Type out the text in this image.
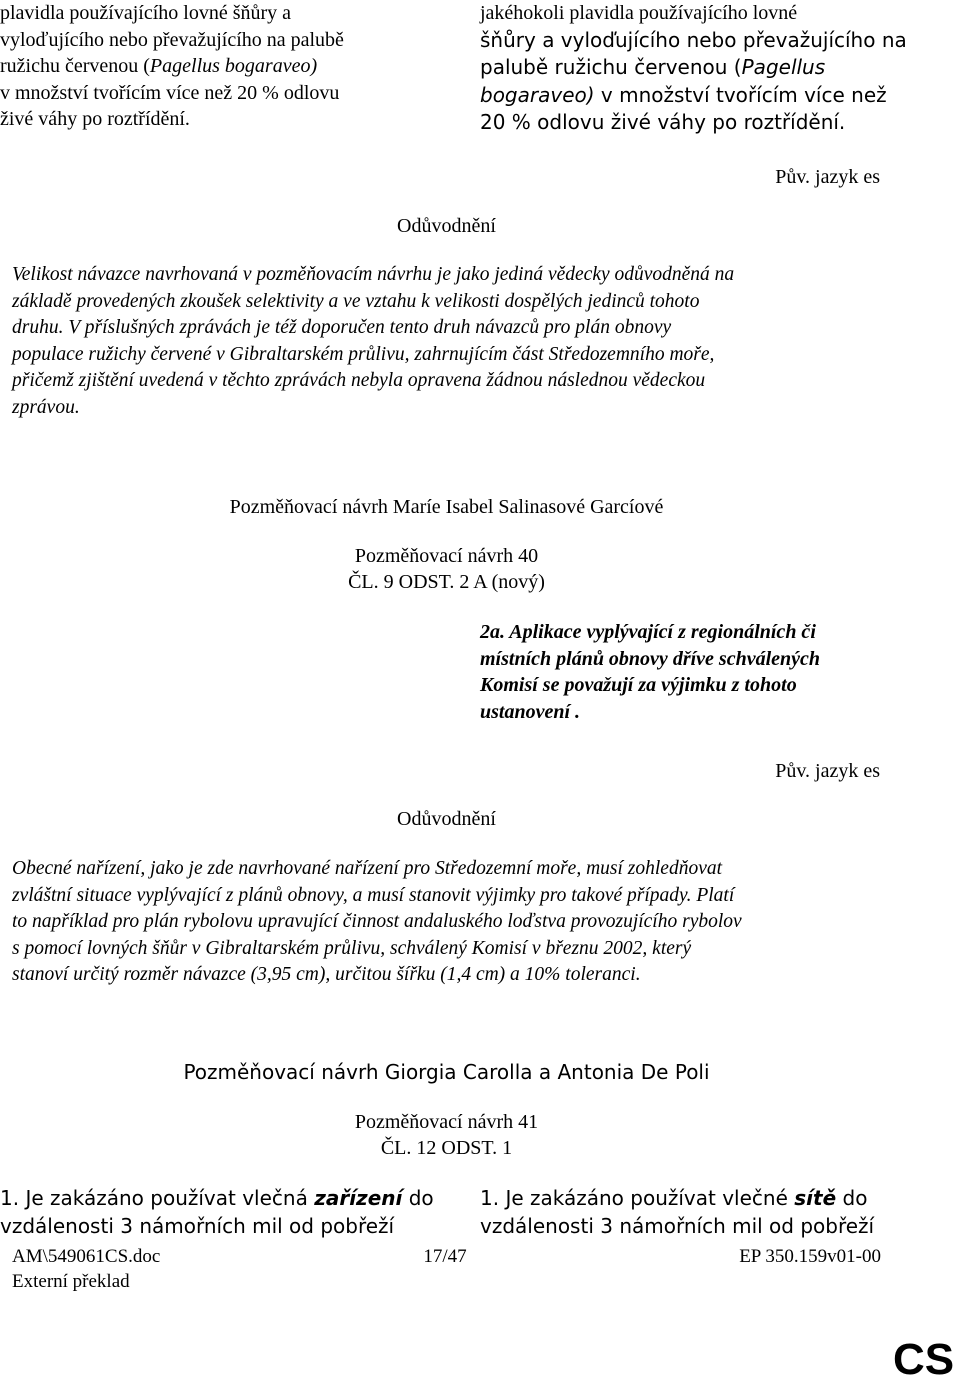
plavidla používajícího lovné šňůry a
vyloďujícího nebo převažujícího na palubě
ružichu červenou (Pagellus bogaraveo)
v množství tvořícím více než 20 % odlovu
živé váhy po roztřídění.
jakéhokoli plavidla používajícího lovné
šňůry a vyloďujícího nebo převažujícího na
palubě ružichu červenou (Pagellus
bogaraveo) v množství tvořícím více než
20 % odlovu živé váhy po roztřídění.
Pův. jazyk es
Odůvodnění
Velikost návazce navrhovaná v pozměňovacím návrhu je jako jediná vědecky odůvodněná na
základě provedených zkoušek selektivity a ve vztahu k velikosti dospělých jedinců tohoto
druhu. V příslušných zprávách je též doporučen tento druh návazců pro plán obnovy
populace ružichy červené v Gibraltarském průlivu, zahrnujícím část Středozemního moře,
přičemž zjištění uvedená v těchto zprávách nebyla opravena žádnou následnou vědeckou
zprávou.
Pozměňovací návrh Maríe Isabel Salinasové Garcíové
Pozměňovací návrh 40
ČL. 9 ODST. 2 A (nový)
2a. Aplikace vyplývající z regionálních či
místních plánů obnovy dříve schválených
Komisí se považují za výjimku z tohoto
ustanovení .
Pův. jazyk es
Odůvodnění
Obecné nařízení, jako je zde navrhované nařízení pro Středozemní moře, musí zohledňovat
zvláštní situace vyplývající z plánů obnovy, a musí stanovit výjimky pro takové případy. Platí
to například pro plán rybolovu upravující činnost andaluského loďstva provozujícího rybolov
s pomocí lovných šňůr v Gibraltarském průlivu, schválený Komisí v březnu 2002, který
stanoví určitý rozměr návazce (3,95 cm), určitou šířku (1,4 cm) a 10% toleranci.
Pozměňovací návrh Giorgia Carolla a Antonia De Poli
Pozměňovací návrh 41
ČL. 12 ODST. 1
1. Je zakázáno používat vlečná zařízení do
vzdálenosti 3 námořních mil od pobřeží
1. Je zakázáno používat vlečné sítě do
vzdálenosti 3 námořních mil od pobřeží
AM\549061CS.doc	17/47	EP 350.159v01-00
Externí překlad
CS
